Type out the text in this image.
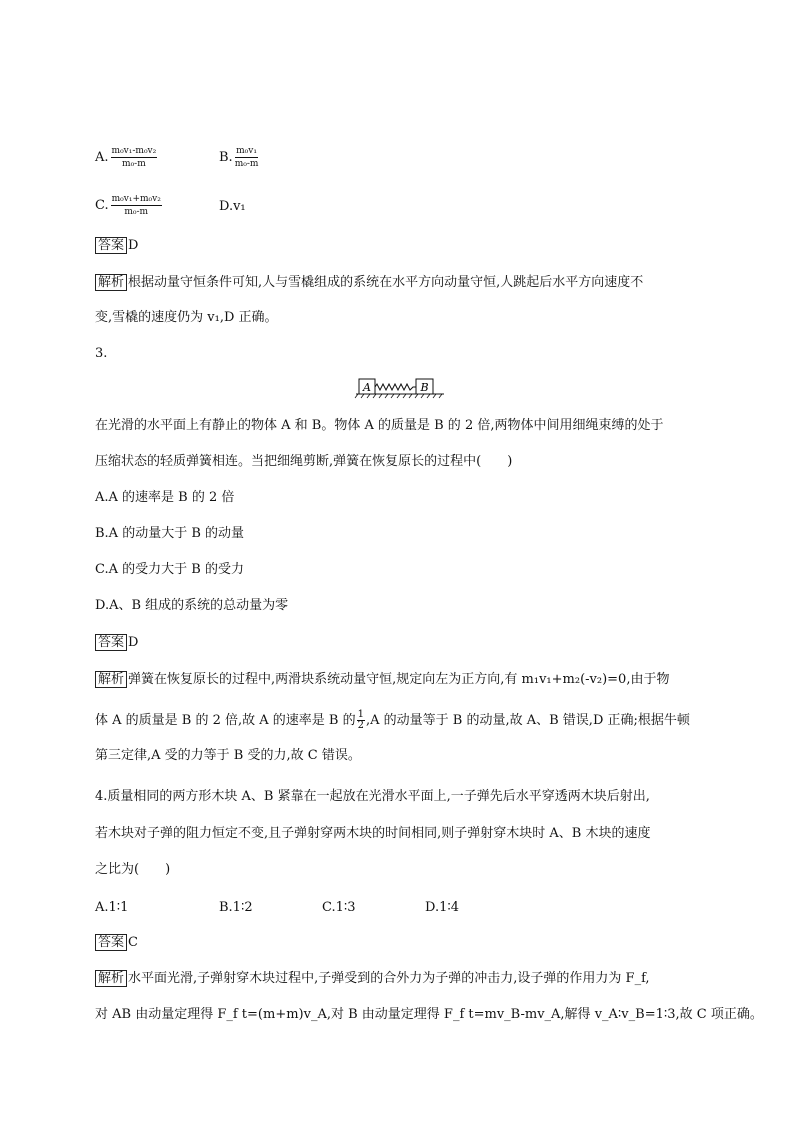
A. $\frac{\text{m₀v₁-m₀v₂}}{\text{m₀-m}}$	B. $\frac{\text{m₀v₁}}{\text{m₀-m}}$
C. $\frac{\text{m₀v₁+m₀v₂}}{\text{m₀-m}}$	D.v₁
答案 D
解析 根据动量守恒条件可知,人与雪橇组成的系统在水平方向动量守恒,人跳起后水平方向速度不
变,雪橇的速度仍为 v₁,D 正确。
3.
A	B
在光滑的水平面上有静止的物体 A 和 B。物体 A 的质量是 B 的 2 倍,两物体中间用细绳束缚的处于
压缩状态的轻质弹簧相连。当把细绳剪断,弹簧在恢复原长的过程中(　　)
A.A 的速率是 B 的 2 倍
B.A 的动量大于 B 的动量
C.A 的受力大于 B 的受力
D.A、B 组成的系统的总动量为零
答案 D
解析 弹簧在恢复原长的过程中,两滑块系统动量守恒,规定向左为正方向,有 m₁v₁+m₂(-v₂)=0,由于物
体 A 的质量是 B 的 2 倍,故 A 的速率是 B 的 $\frac{1}{2} ,A$ 的动量等于 B 的动量,故 A、B 错误,D 正确;根据牛顿
第三定律,A 受的力等于 B 受的力,故 C 错误。
4.质量相同的两方形木块 A、B 紧靠在一起放在光滑水平面上,一子弹先后水平穿透两木块后射出,
若木块对子弹的阻力恒定不变,且子弹射穿两木块的时间相同,则子弹射穿木块时 A、B 木块的速度
之比为(　　)
A.1∶1	B.1∶2	C.1∶3	D.1∶4
答案 C
解析 水平面光滑,子弹射穿木块过程中,子弹受到的合外力为子弹的冲击力,设子弹的作用力为 F_f,
对 AB 由动量定理得 F_f t=(m+m)v_A,对 B 由动量定理得 F_f t=mv_B-mv_A,解得 v_A∶v_B=1∶3,故 C 项正确。
